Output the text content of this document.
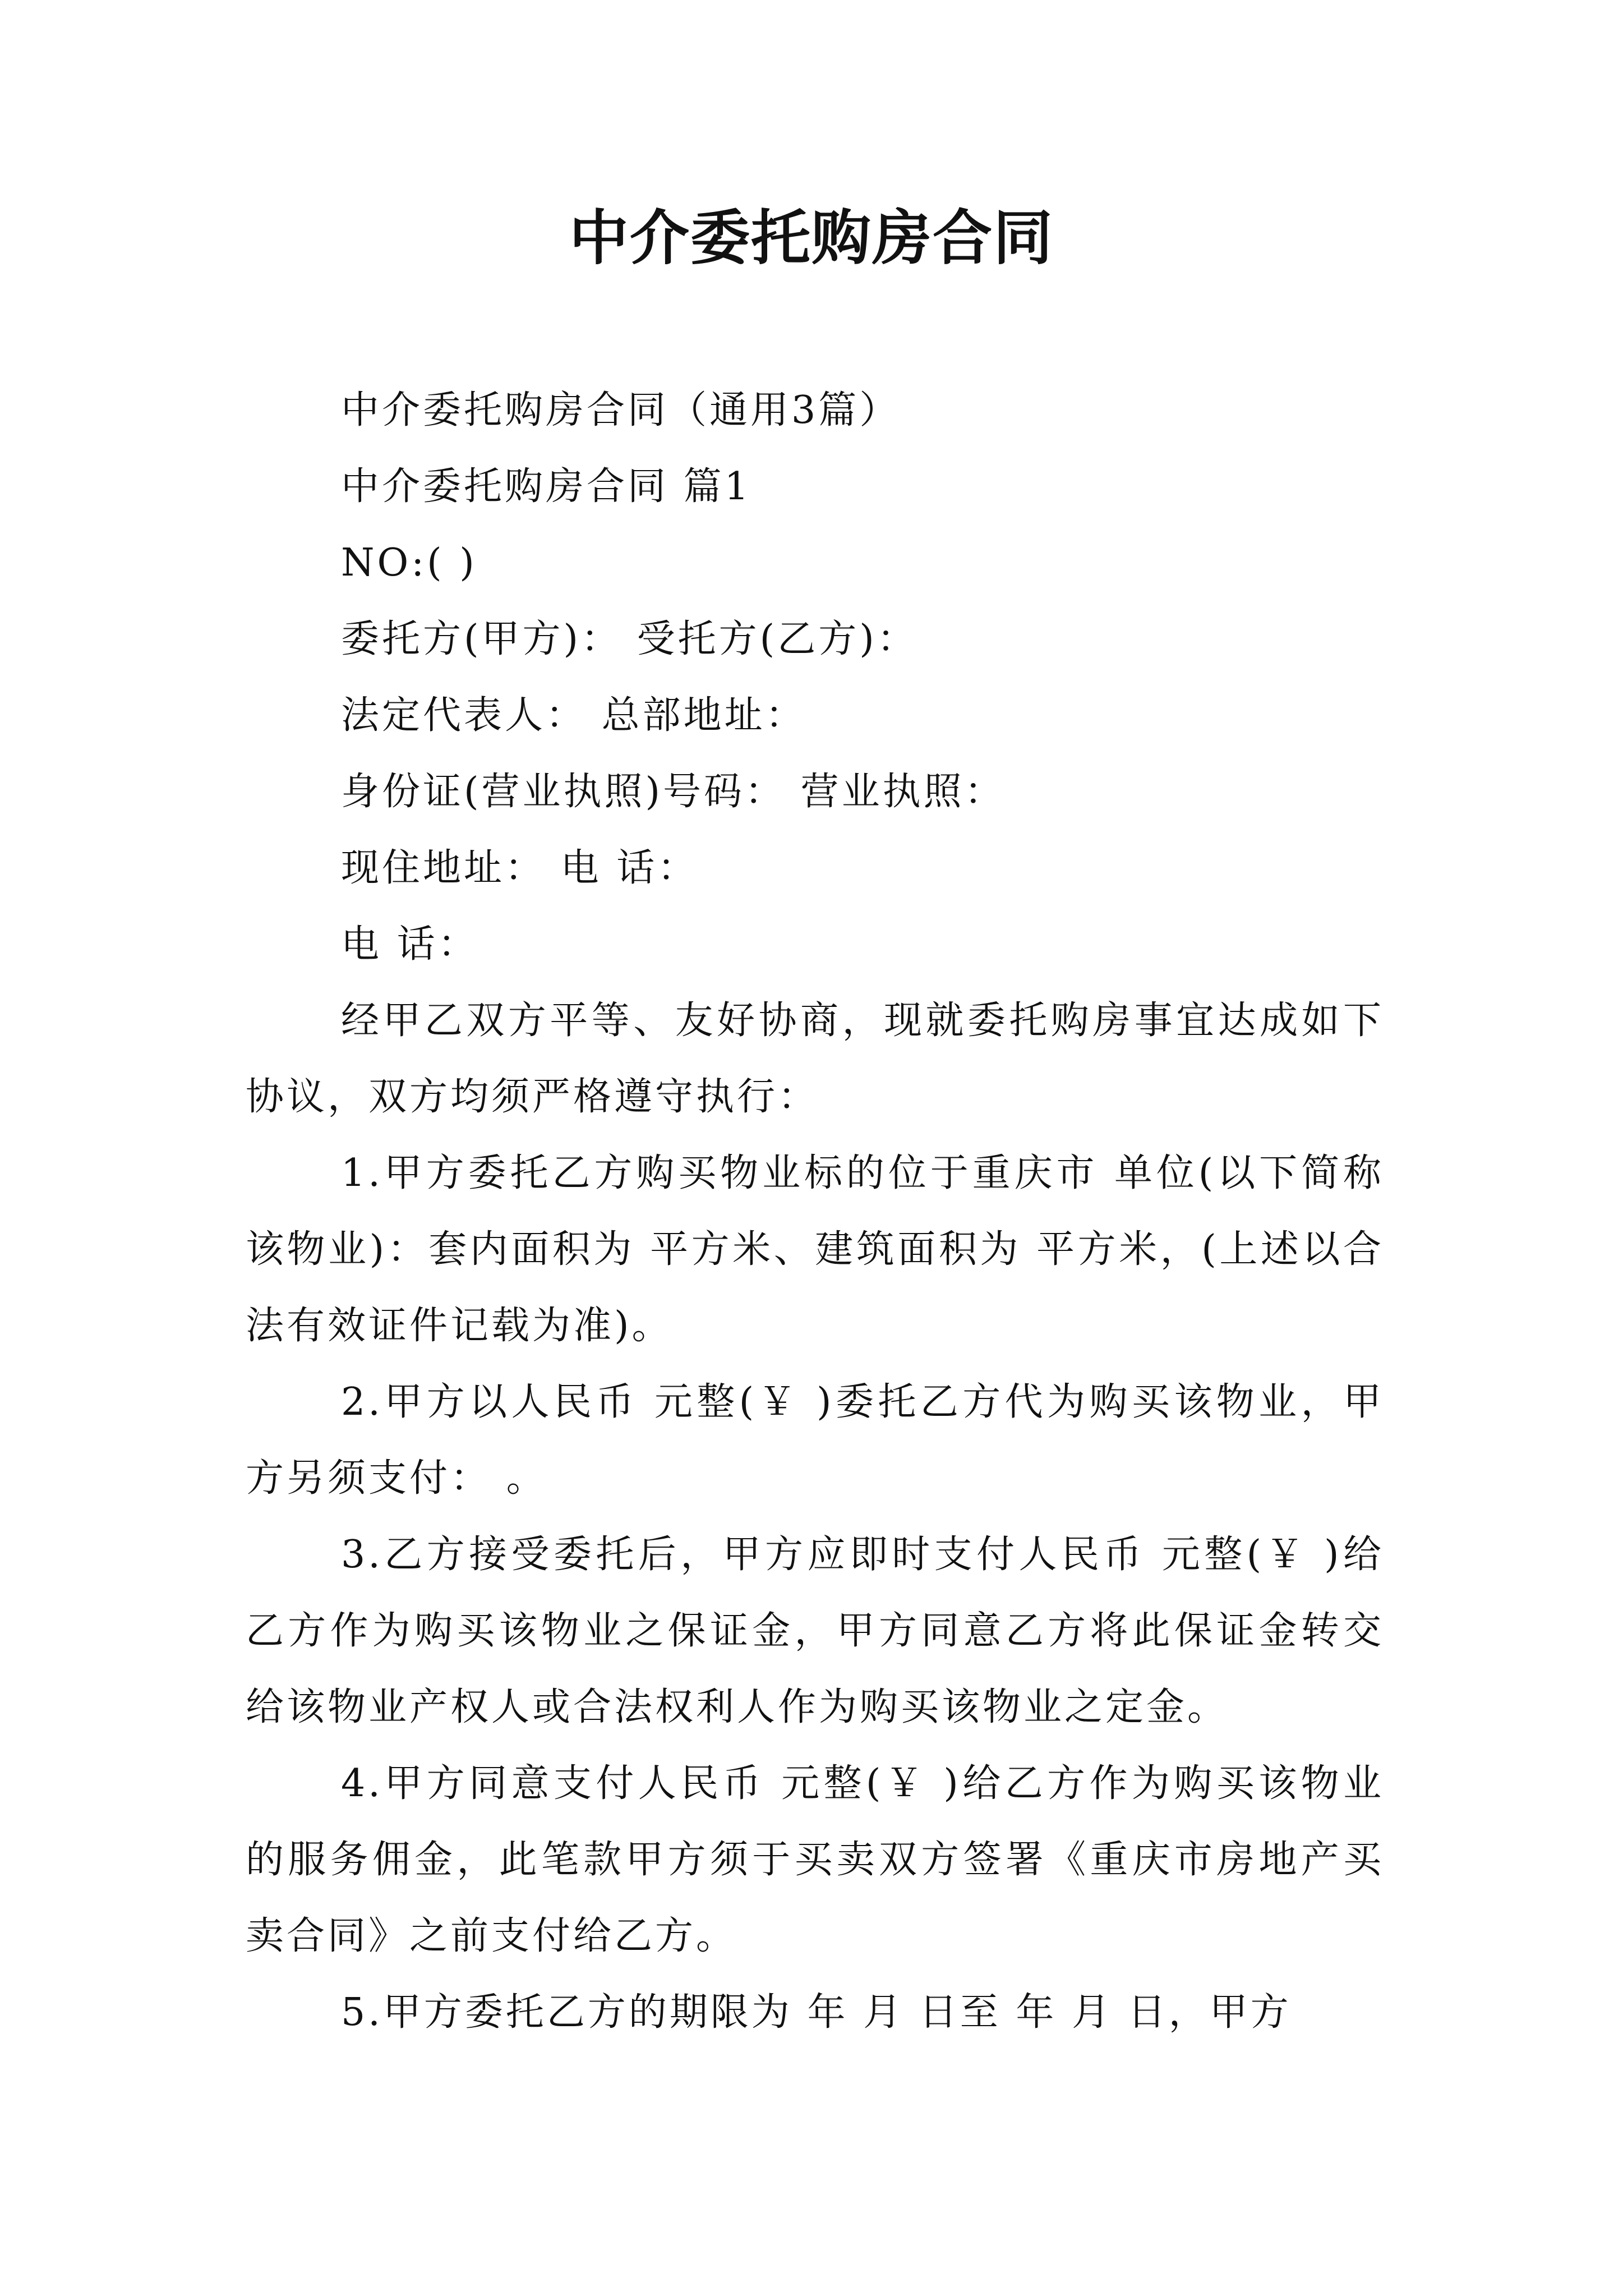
中介委托购房合同

中介委托购房合同（通用3篇）

中介委托购房合同 篇1

NO:( )

委托方(甲方)： 受托方(乙方)：

法定代表人： 总部地址：

身份证(营业执照)号码： 营业执照：

现住地址： 电 话：

电 话：

经甲乙双方平等、友好协商，现就委托购房事宜达成如下协议，双方均须严格遵守执行：

1.甲方委托乙方购买物业标的位于重庆市 单位(以下简称该物业)：套内面积为 平方米、建筑面积为 平方米，(上述以合法有效证件记载为准)。

2.甲方以人民币 元整(￥ )委托乙方代为购买该物业，甲方另须支付： 。

3.乙方接受委托后，甲方应即时支付人民币 元整(￥ )给乙方作为购买该物业之保证金，甲方同意乙方将此保证金转交给该物业产权人或合法权利人作为购买该物业之定金。

4.甲方同意支付人民币 元整(￥ )给乙方作为购买该物业的服务佣金，此笔款甲方须于买卖双方签署《重庆市房地产买卖合同》之前支付给乙方。

5.甲方委托乙方的期限为 年 月 日至 年 月 日，甲方
